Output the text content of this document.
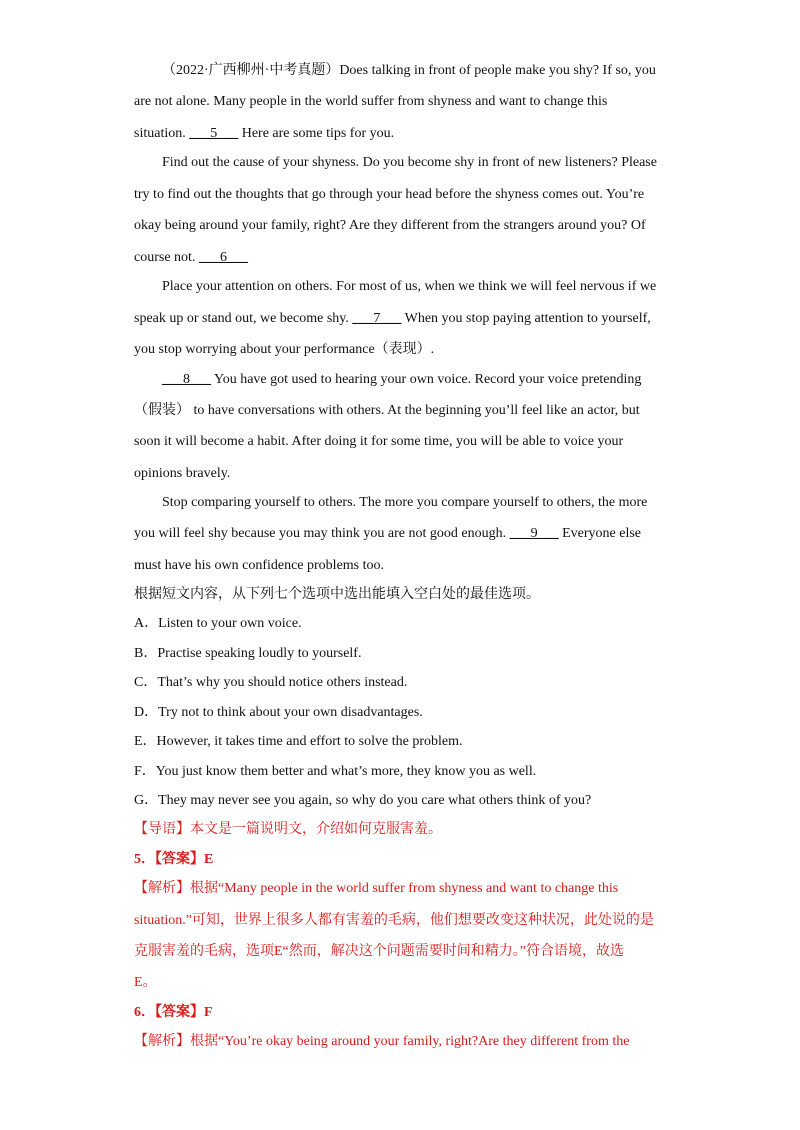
（2022·广西柳州·中考真题）Does talking in front of people make you shy? If so, you
are not alone. Many people in the world suffer from shyness and want to change this
situation. ___5___ Here are some tips for you.
Find out the cause of your shyness. Do you become shy in front of new listeners? Please
try to find out the thoughts that go through your head before the shyness comes out. You’re
okay being around your family, right? Are they different from the strangers around you? Of
course not. ___6___
Place your attention on others. For most of us, when we think we will feel nervous if we
speak up or stand out, we become shy. ___7___ When you stop paying attention to yourself,
you stop worrying about your performance（表现）.
___8___ You have got used to hearing your own voice. Record your voice pretending
（假装） to have conversations with others. At the beginning you’ll feel like an actor, but
soon it will become a habit. After doing it for some time, you will be able to voice your
opinions bravely.
Stop comparing yourself to others. The more you compare yourself to others, the more
you will feel shy because you may think you are not good enough. ___9___ Everyone else
must have his own confidence problems too.
根据短文内容，从下列七个选项中选出能填入空白处的最佳选项。
A．Listen to your own voice.
B．Practise speaking loudly to yourself.
C．That’s why you should notice others instead.
D．Try not to think about your own disadvantages.
E．However, it takes time and effort to solve the problem.
F．You just know them better and what’s more, they know you as well.
G．They may never see you again, so why do you care what others think of you?
【导语】本文是一篇说明文，介绍如何克服害羞。
5．【答案】E
【解析】根据“Many people in the world suffer from shyness and want to change this
situation.”可知，世界上很多人都有害羞的毛病，他们想要改变这种状况，此处说的是
克服害羞的毛病，选项E“然而，解决这个问题需要时间和精力。”符合语境，故选
E。
6．【答案】F
【解析】根据“You’re okay being around your family, right?Are they different from the
